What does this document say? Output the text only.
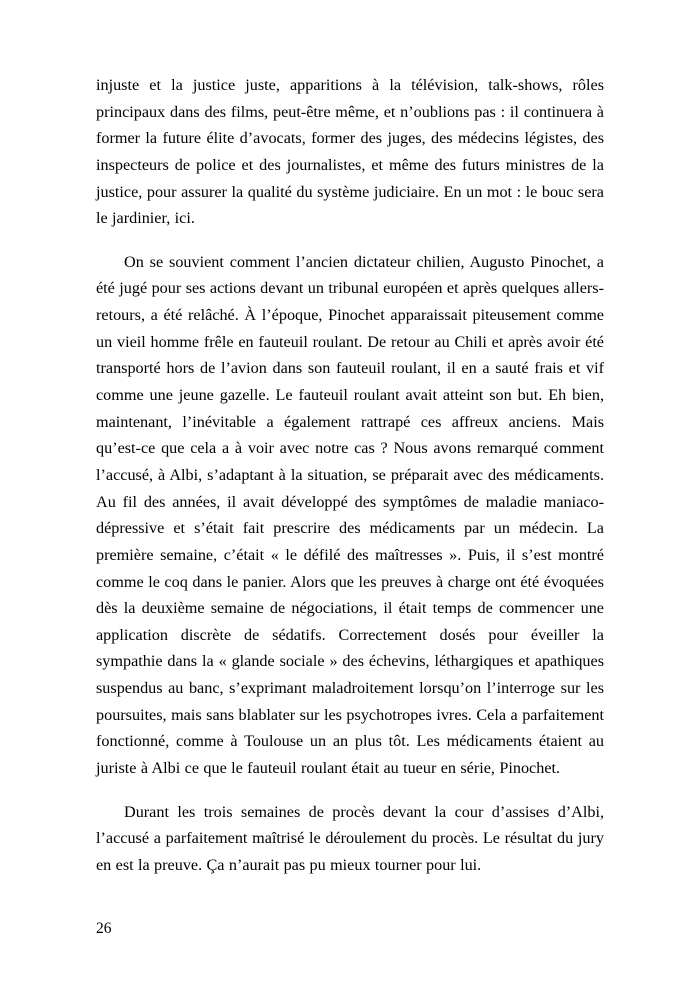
injuste et la justice juste, apparitions à la télévision, talk-shows, rôles principaux dans des films, peut-être même, et n’oublions pas : il continuera à former la future élite d’avocats, former des juges, des médecins légistes, des inspecteurs de police et des journalistes, et même des futurs ministres de la justice, pour assurer la qualité du système judiciaire. En un mot : le bouc sera le jardinier, ici.

On se souvient comment l’ancien dictateur chilien, Augusto Pinochet, a été jugé pour ses actions devant un tribunal européen et après quelques allers-retours, a été relâché. À l’époque, Pinochet apparaissait piteusement comme un vieil homme frêle en fauteuil roulant. De retour au Chili et après avoir été transporté hors de l’avion dans son fauteuil roulant, il en a sauté frais et vif comme une jeune gazelle. Le fauteuil roulant avait atteint son but. Eh bien, maintenant, l’inévitable a également rattrapé ces affreux anciens. Mais qu’est-ce que cela a à voir avec notre cas ? Nous avons remarqué comment l’accusé, à Albi, s’adaptant à la situation, se préparait avec des médicaments. Au fil des années, il avait développé des symptômes de maladie maniaco-dépressive et s’était fait prescrire des médicaments par un médecin. La première semaine, c’était « le défilé des maîtresses ». Puis, il s’est montré comme le coq dans le panier. Alors que les preuves à charge ont été évoquées dès la deuxième semaine de négociations, il était temps de commencer une application discrète de sédatifs. Correctement dosés pour éveiller la sympathie dans la « glande sociale » des échevins, léthargiques et apathiques suspendus au banc, s’exprimant maladroitement lorsqu’on l’interroge sur les poursuites, mais sans blablater sur les psychotropes ivres. Cela a parfaitement fonctionné, comme à Toulouse un an plus tôt. Les médicaments étaient au juriste à Albi ce que le fauteuil roulant était au tueur en série, Pinochet.

Durant les trois semaines de procès devant la cour d’assises d’Albi, l’accusé a parfaitement maîtrisé le déroulement du procès. Le résultat du jury en est la preuve. Ça n’aurait pas pu mieux tourner pour lui.

26
